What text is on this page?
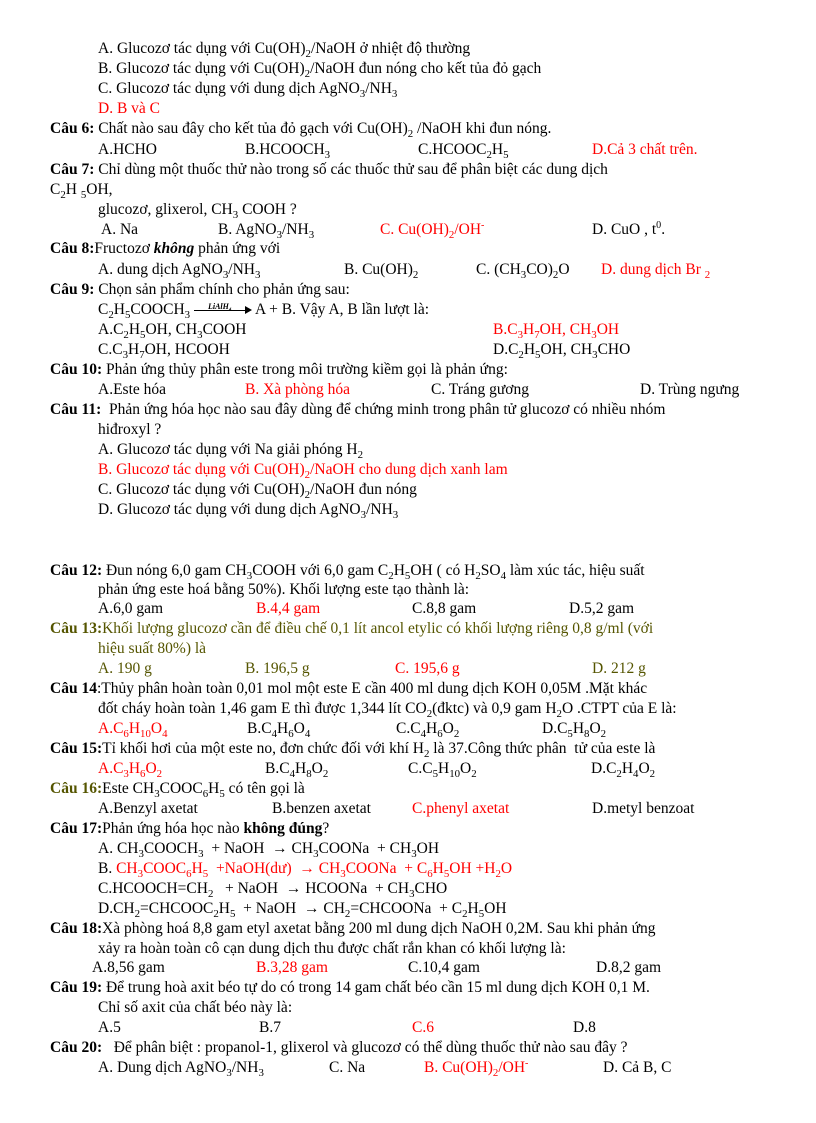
A. Glucozơ tác dụng với $Cu(OH)_2$/NaOH ở nhiệt độ thường
B. Glucozơ tác dụng với $Cu(OH)_2$/NaOH đun nóng cho kết tủa đỏ gạch
C. Glucozơ tác dụng với dung dịch $AgNO_3/NH_3$
D. B và C
Câu 6: Chất nào sau đây cho kết tủa đỏ gạch với $Cu(OH)_2$ /NaOH khi đun nóng.
A.HCHO	$B.HCOOCH_3$	$C.HCOOC_2H_5$	D.Cả 3 chất trên.
Câu 7: Chỉ dùng một thuốc thử nào trong số các thuốc thử sau để phân biệt các dung dịch
$C_2H$ $_5$OH,
glucozơ, glixerol, $CH_3$ COOH ?
A. Na	B. $AgNO_3/NH_3$	C. $Cu(OH)_2/OH^-$	D. CuO , $t^0$.
Câu 8:Fructozơ không phản ứng với
A. dung dịch $AgNO_3/NH_3$	B. $Cu(OH)_2$	C. $(CH_3CO)_2O$ D. dung dịch Br $_2$
Câu 9: Chọn sản phẩm chính cho phản ứng sau:
$C_2H_5COOCH_3$
LiAlH₄ A + B. Vậy A, B lần lượt là:
$A.C_2H_5OH$, $CH_3COOH$	$B.C_3H_7OH$, $CH_3OH$
$C.C_3H_7OH$, HCOOH	$D.C_2H_5OH$, $CH_3CHO$
Câu 10: Phản ứng thủy phân este trong môi trường kiềm gọi là phản ứng:
A.Este hóa	B. Xà phòng hóa	C. Tráng gương	D. Trùng ngưng
Câu 11:  Phản ứng hóa học nào sau đây dùng để chứng minh trong phân tử glucozơ có nhiều nhóm
hiđroxyl ?
A. Glucozơ tác dụng với Na giải phóng $H_2$
B. Glucozơ tác dụng với $Cu(OH)_2$/NaOH cho dung dịch xanh lam
C. Glucozơ tác dụng với $Cu(OH)_2$/NaOH đun nóng
D. Glucozơ tác dụng với dung dịch $AgNO_3/NH_3$
Câu 12: Đun nóng 6,0 gam $CH_3COOH$ với 6,0 gam $C_2H_5OH$ ( có $H_2SO_4$ làm xúc tác, hiệu suất
phản ứng este hoá bằng 50%). Khối lượng este tạo thành là:
A.6,0 gam	B.4,4 gam	C.8,8 gam	D.5,2 gam
Câu 13:Khối lượng glucozơ cần để điều chế 0,1 lít ancol etylic có khối lượng riêng 0,8 g/ml (với
hiệu suất 80%) là
A. 190 g	B. 196,5 g	C. 195,6 g	D. 212 g
Câu 14:Thủy phân hoàn toàn 0,01 mol một este E cần 400 ml dung dịch KOH 0,05M .Mặt khác
đốt cháy hoàn toàn 1,46 gam E thì được 1,344 lít $CO_2(đktc)$ và 0,9 gam $H_2O$ .CTPT của E là:
$A.C_6H_{10}O_4$	$B.C_4H_6O_4$	$C.C_4H_6O_2$	$D.C_5H_8O_2$
Câu 15:Tỉ khối hơi của một este no, đơn chức đối với khí $H_2$ là 37.Công thức phân  tử của este là
$A.C_3H_6O_2$	$B.C_4H_8O_2$	$C.C_5H_{10}O_2$	$D.C_2H_4O_2$
Câu 16:Este $CH_3COOC_6H_5$ có tên gọi là
A.Benzyl axetat	B.benzen axetat	C.phenyl axetat	D.metyl benzoat
Câu 17:Phản ứng hóa học nào không đúng?
A. $CH_3COOCH_3$  + NaOH  → $CH_3COONa + CH_3OH$
B. $CH_3COOC_6H_5$  +NaOH(dư)  → $CH_3COONa + C_6H_5OH +H_2O$
$C.HCOOCH=CH_2$   + NaOH  → HCOONa  + $CH_3CHO$
$D.CH_2=CHCOOC_2H_5$  + NaOH  → $CH_2=CHCOONa + C_2H_5OH$
Câu 18:Xà phòng hoá 8,8 gam etyl axetat bằng 200 ml dung dịch NaOH 0,2M. Sau khi phản ứng
xảy ra hoàn toàn cô cạn dung dịch thu được chất rắn khan có khối lượng là:
A.8,56 gam	B.3,28 gam	C.10,4 gam	D.8,2 gam
Câu 19: Để trung hoà axit béo tự do có trong 14 gam chất béo cần 15 ml dung dịch KOH 0,1 M.
Chỉ số axit của chất béo này là:
A.5	B.7	C.6	D.8
Câu 20:   Để phân biệt : propanol-1, glixerol và glucozơ có thể dùng thuốc thử nào sau đây ?
A. Dung dịch $AgNO_3/NH_3$	C. Na	B. $Cu(OH)_2/OH^-$	D. Cả B, C
